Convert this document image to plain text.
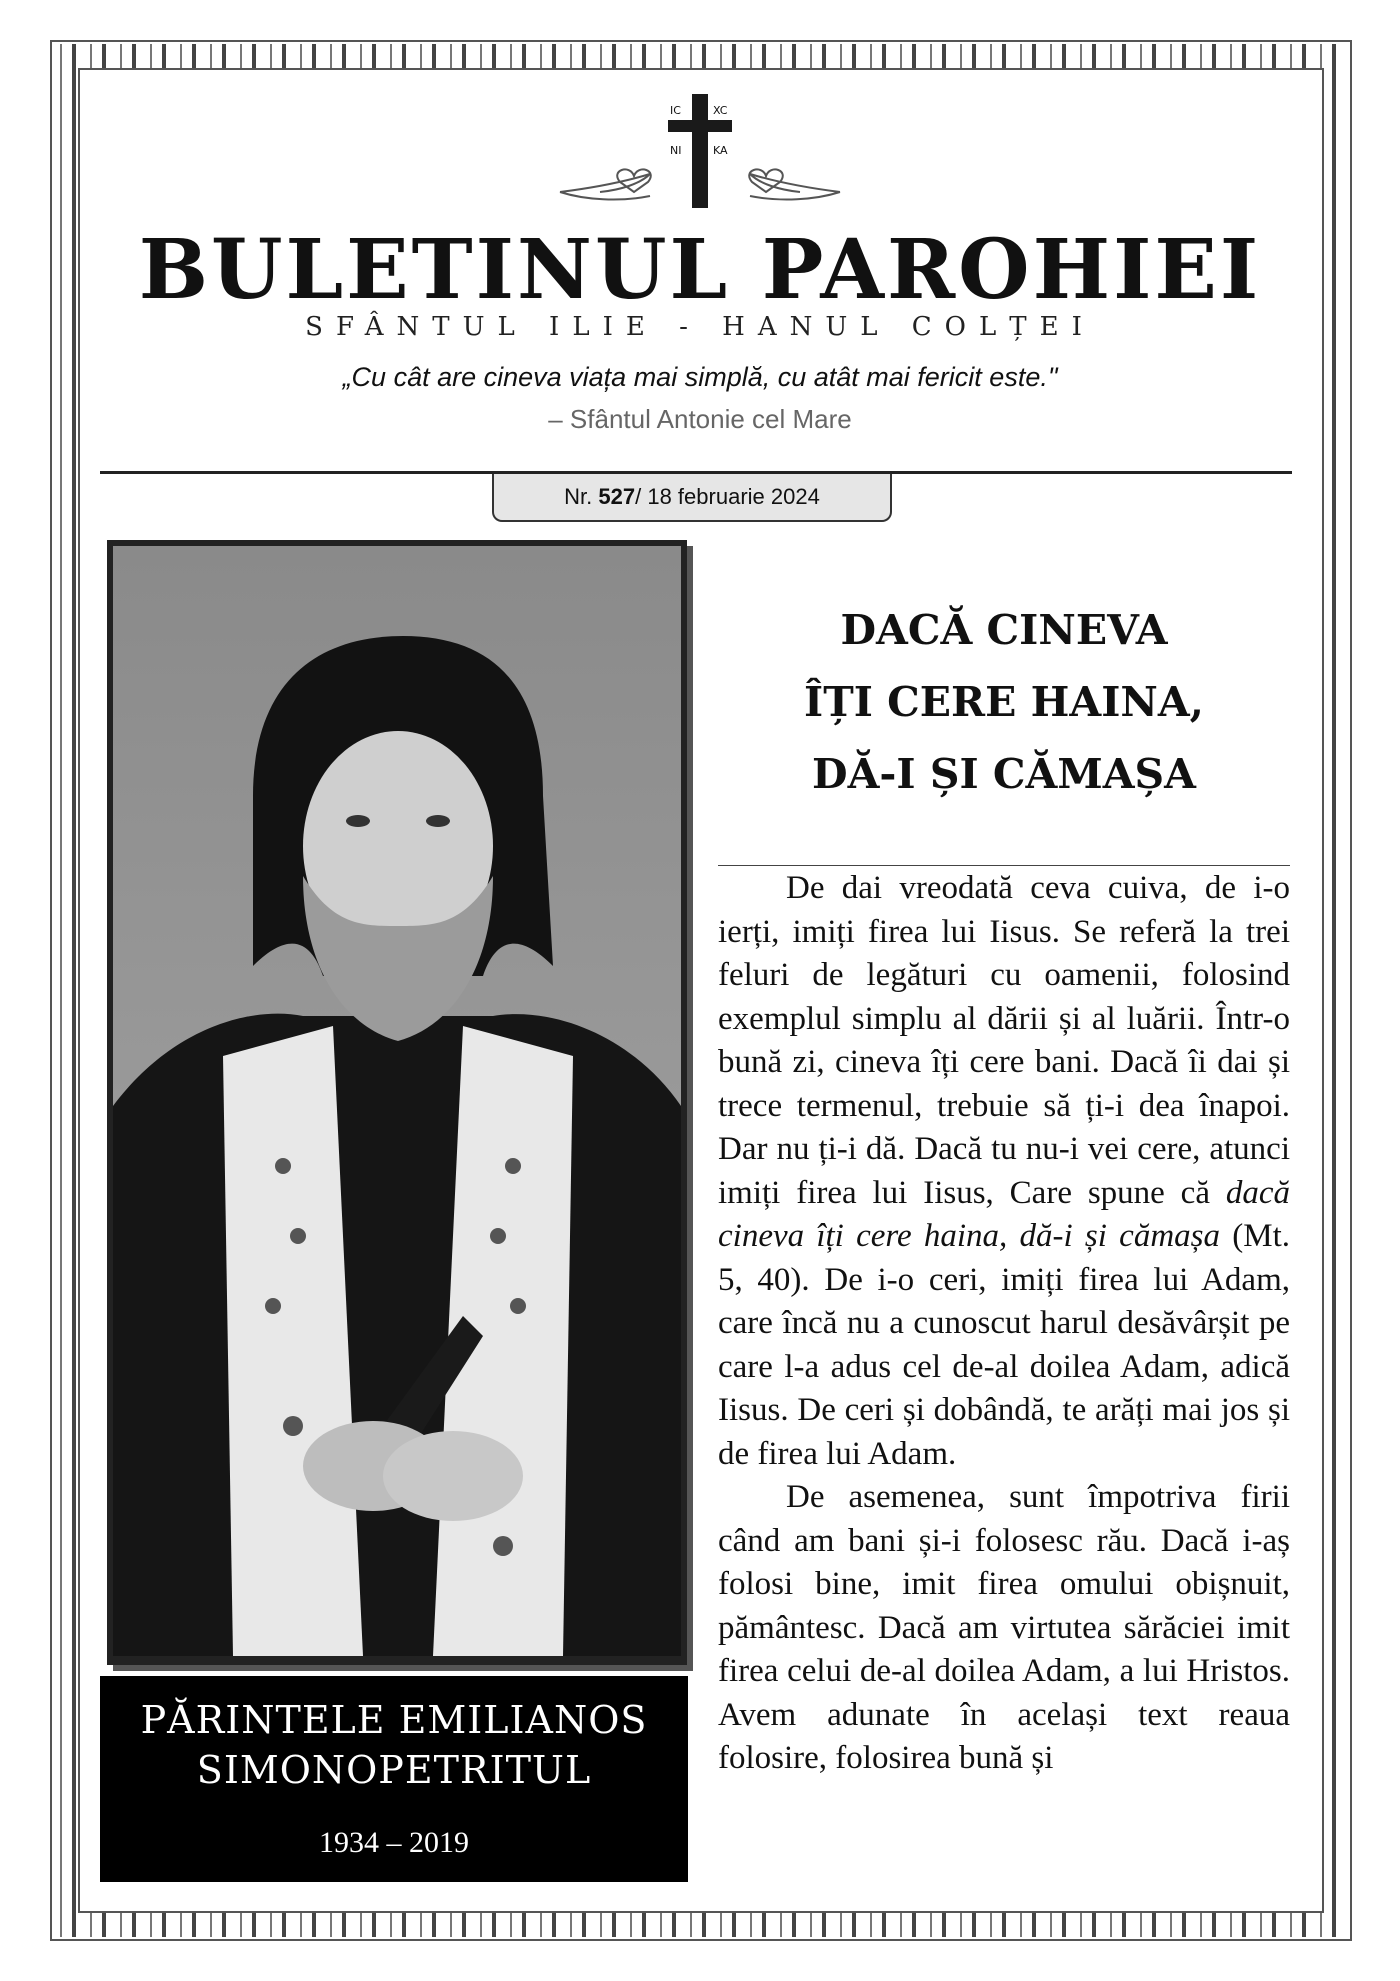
IC	XC
NI	KA
BULETINUL PAROHIEI
SFÂNTUL ILIE - HANUL COLȚEI
„Cu cât are cineva viața mai simplă, cu atât mai fericit este."
– Sfântul Antonie cel Mare
Nr. 527/ 18 februarie 2024
PĂRINTELE EMILIANOS
SIMONOPETRITUL
1934 – 2019
DACĂ CINEVA
ÎȚI CERE HAINA,
DĂ-I ȘI CĂMAȘA

De dai vreodată ceva cuiva, de i-o ierți, imiți firea lui Iisus. Se referă la trei feluri de legături cu oamenii, folosind exemplul simplu al dării și al luării. Într-o bună zi, cineva îți cere bani. Dacă îi dai și trece termenul, trebuie să ți-i dea înapoi. Dar nu ți-i dă. Dacă tu nu-i vei cere, atunci imiți firea lui Iisus, Care spune că dacă cineva îți cere haina, dă-i și cămașa (Mt. 5, 40). De i-o ceri, imiți firea lui Adam, care încă nu a cunoscut harul desăvârșit pe care l-a adus cel de-al doilea Adam, adică Iisus. De ceri și dobândă, te arăți mai jos și de firea lui Adam.

De asemenea, sunt împotriva firii când am bani și-i folosesc rău. Dacă i-aș folosi bine, imit firea omului obișnuit, pământesc. Dacă am virtutea sărăciei imit firea celui de-al doilea Adam, a lui Hristos. Avem adunate în același text reaua folosire, folosirea bună și
